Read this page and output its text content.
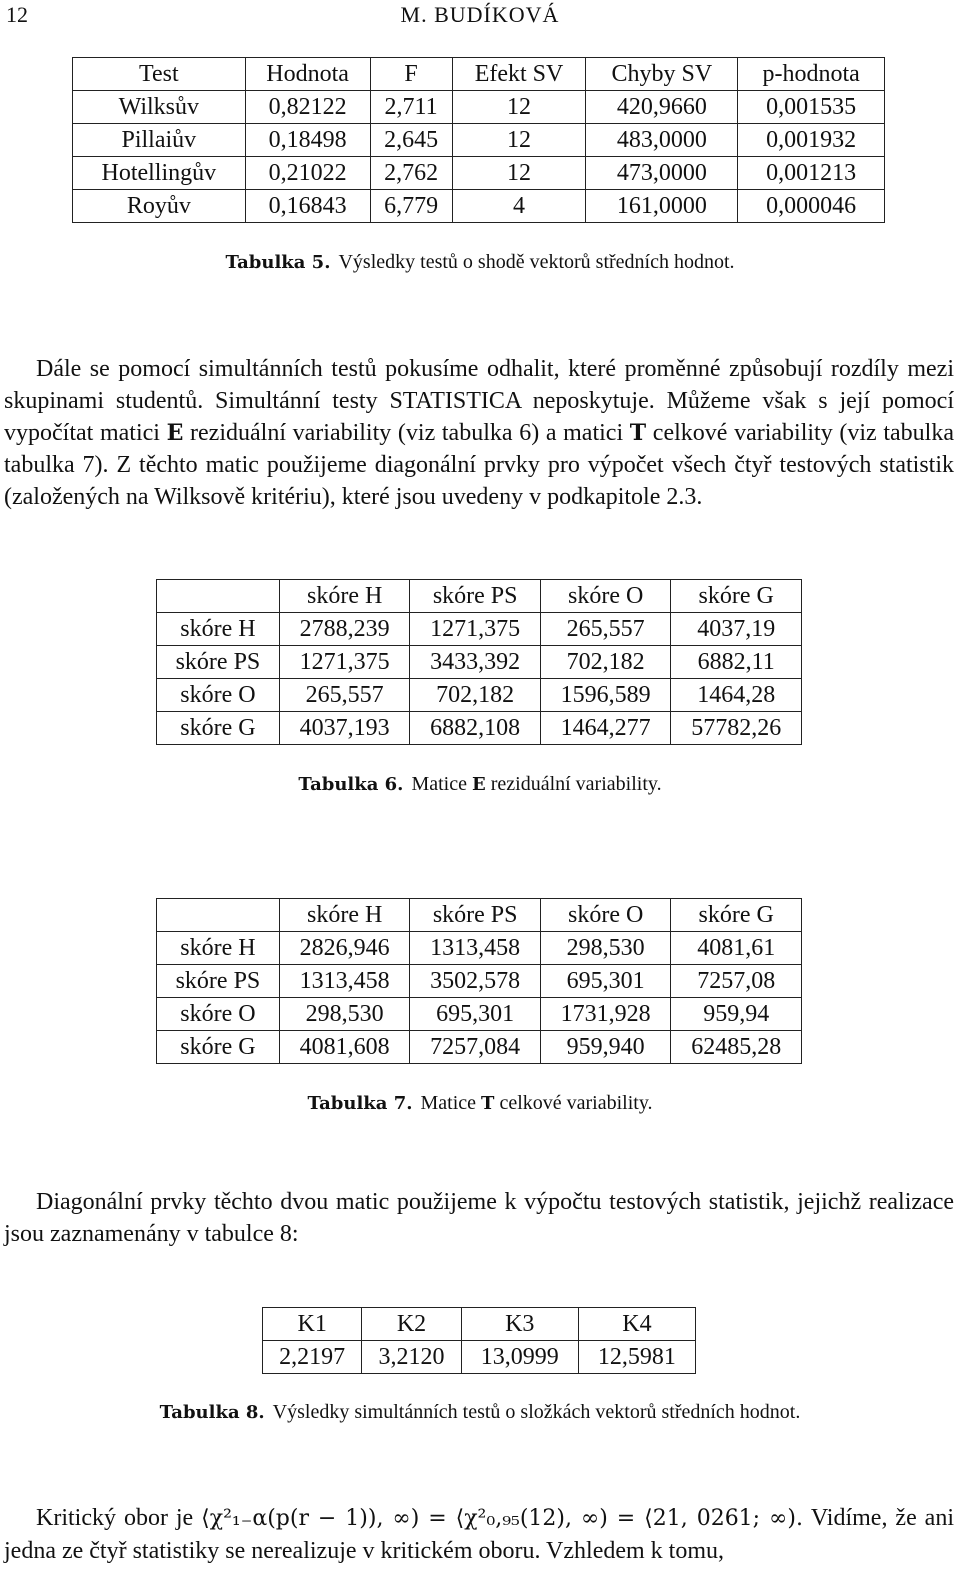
12	M. BUDÍKOVÁ
Test	Hodnota	F	Efekt SV	Chyby SV	p-hodnota
Wilksův	0,82122	2,711	12	420,9660	0,001535
Pillaiův	0,18498	2,645	12	483,0000	0,001932
Hotellingův	0,21022	2,762	12	473,0000	0,001213
Royův	0,16843	6,779	4	161,0000	0,000046
Tabulka 5. Výsledky testů o shodě vektorů středních hodnot.
Dále se pomocí simultánních testů pokusíme odhalit, které proměnné způsobují rozdíly mezi skupinami studentů. Simultánní testy STATISTICA neposkytuje. Můžeme však s její pomocí vypočítat matici E reziduální variability (viz tabulka 6) a matici T celkové variability (viz tabulka tabulka 7). Z těchto matic použijeme diagonální prvky pro výpočet všech čtyř testových statistik (založených na Wilksově kritériu), které jsou uvedeny v podkapitole 2.3.
	skóre H	skóre PS	skóre O	skóre G
skóre H	2788,239	1271,375	265,557	4037,19
skóre PS	1271,375	3433,392	702,182	6882,11
skóre O	265,557	702,182	1596,589	1464,28
skóre G	4037,193	6882,108	1464,277	57782,26
Tabulka 6. Matice E reziduální variability.
	skóre H	skóre PS	skóre O	skóre G
skóre H	2826,946	1313,458	298,530	4081,61
skóre PS	1313,458	3502,578	695,301	7257,08
skóre O	298,530	695,301	1731,928	959,94
skóre G	4081,608	7257,084	959,940	62485,28
Tabulka 7. Matice T celkové variability.
Diagonální prvky těchto dvou matic použijeme k výpočtu testových statistik, jejichž realizace jsou zaznamenány v tabulce 8:
K1	K2	K3	K4
2,2197	3,2120	13,0999	12,5981
Tabulka 8. Výsledky simultánních testů o složkách vektorů středních hodnot.
Kritický obor je ⟨χ²₁₋α(p(r − 1)), ∞) = ⟨χ²₀,₉₅(12), ∞) = ⟨21, 0261; ∞). Vidíme, že ani jedna ze čtyř statistiky se nerealizuje v kritickém oboru. Vzhledem k tomu,
